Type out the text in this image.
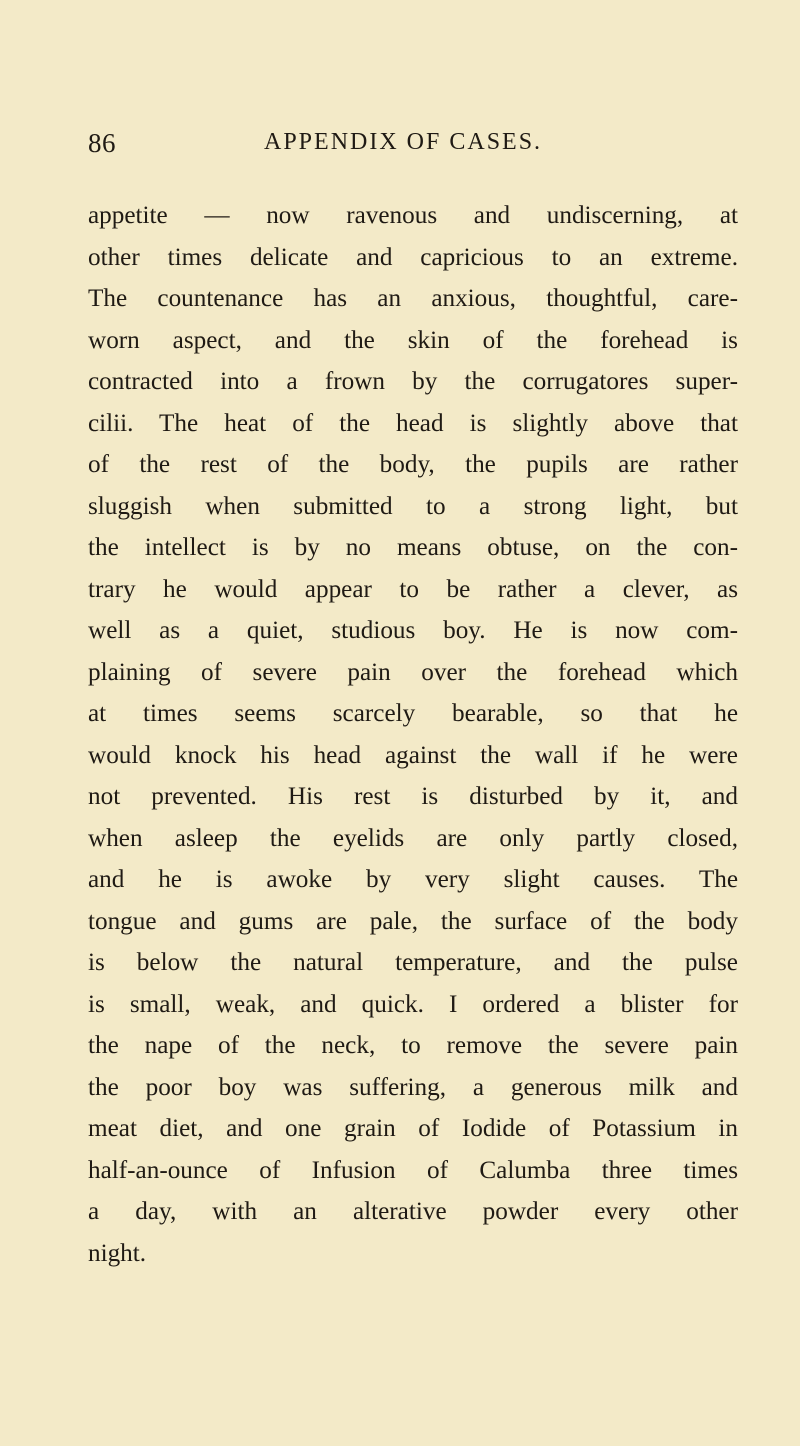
86	APPENDIX OF CASES.
appetite — now ravenous and undiscerning, at
other times delicate and capricious to an extreme.
The countenance has an anxious, thoughtful, care-
worn aspect, and the skin of the forehead is
contracted into a frown by the corrugatores super-
cilii. The heat of the head is slightly above that
of the rest of the body, the pupils are rather
sluggish when submitted to a strong light, but
the intellect is by no means obtuse, on the con-
trary he would appear to be rather a clever, as
well as a quiet, studious boy. He is now com-
plaining of severe pain over the forehead which
at times seems scarcely bearable, so that he
would knock his head against the wall if he were
not prevented. His rest is disturbed by it, and
when asleep the eyelids are only partly closed,
and he is awoke by very slight causes. The
tongue and gums are pale, the surface of the body
is below the natural temperature, and the pulse
is small, weak, and quick. I ordered a blister for
the nape of the neck, to remove the severe pain
the poor boy was suffering, a generous milk and
meat diet, and one grain of Iodide of Potassium in
half-an-ounce of Infusion of Calumba three times
a day, with an alterative powder every other
night.
